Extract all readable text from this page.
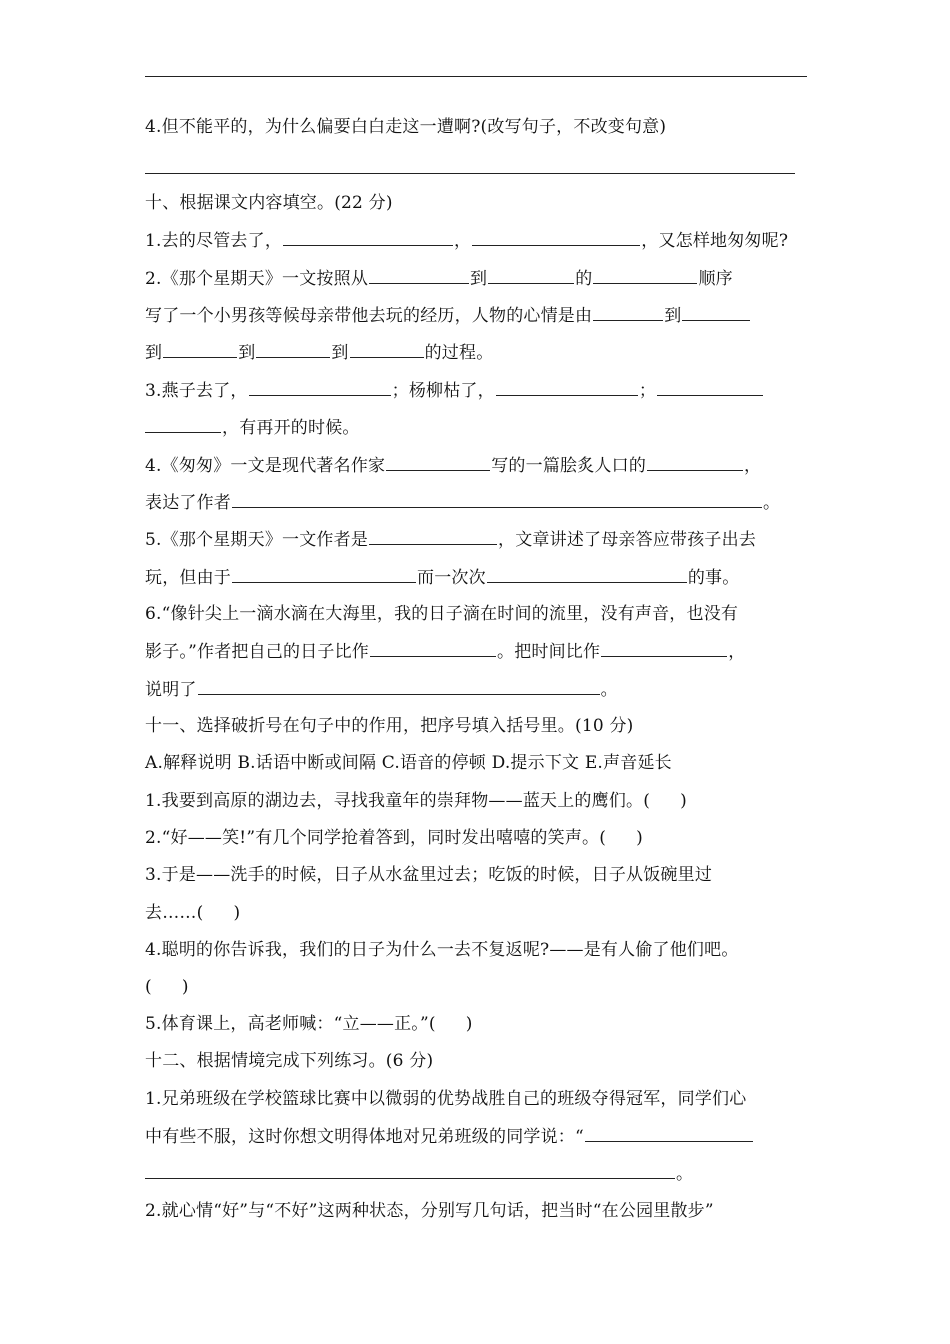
4.但不能平的，为什么偏要白白走这一遭啊?(改写句子，不改变句意)
十、根据课文内容填空。(22 分)
1.去的尽管去了，	，	，又怎样地匆匆呢?
2.《那个星期天》一文按照从	到	的	顺序
写了一个小男孩等候母亲带他去玩的经历，人物的心情是由	到
到	到	到	的过程。
3.燕子去了，	；杨柳枯了，	；
，有再开的时候。
4.《匆匆》一文是现代著名作家	写的一篇脍炙人口的	，
表达了作者	。
5.《那个星期天》一文作者是	，文章讲述了母亲答应带孩子出去
玩，但由于	而一次次	的事。
6.“像针尖上一滴水滴在大海里，我的日子滴在时间的流里，没有声音，也没有
影子。”作者把自己的日子比作	。把时间比作	，
说明了	。
十一、选择破折号在句子中的作用，把序号填入括号里。(10 分)
A.解释说明 B.话语中断或间隔 C.语音的停顿 D.提示下文 E.声音延长
1.我要到高原的湖边去，寻找我童年的崇拜物——蓝天上的鹰们。( )
2.“好——笑!”有几个同学抢着答到，同时发出嘻嘻的笑声。( )
3.于是——洗手的时候，日子从水盆里过去；吃饭的时候，日子从饭碗里过
去……( )
4.聪明的你告诉我，我们的日子为什么一去不复返呢?——是有人偷了他们吧。
( )
5.体育课上，高老师喊：“立——正。”( )
十二、根据情境完成下列练习。(6 分)
1.兄弟班级在学校篮球比赛中以微弱的优势战胜自己的班级夺得冠军，同学们心
中有些不服，这时你想文明得体地对兄弟班级的同学说：“
。
2.就心情“好”与“不好”这两种状态，分别写几句话，把当时“在公园里散步”
